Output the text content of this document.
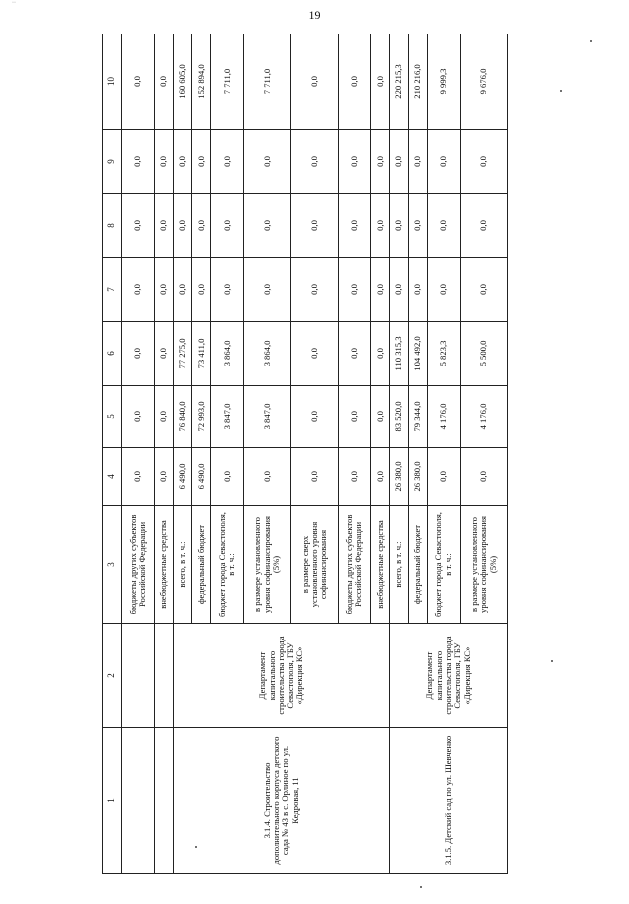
··
19
1	2	3	4	5	6	7	8	9	10
		бюджеты других субъектов Российской Федерации	0,0	0,0	0,0	0,0	0,0	0,0	0,0
		внебюджетные средства	0,0	0,0	0,0	0,0	0,0	0,0	0,0
3.1.4. Строительство дополнительного корпуса детского сада № 43 в с. Орлиное по ул. Кедровая, 11	Департамент капитального строительства города Севастополя, ГБУ «Дирекция КС»	всего, в т. ч.:	6 490,0	76 840,0	77 275,0	0,0	0,0	0,0	160 605,0
		федеральный бюджет	6 490,0	72 993,0	73 411,0	0,0	0,0	0,0	152 894,0
		бюджет города Севастополя, в т. ч.:	0,0	3 847,0	3 864,0	0,0	0,0	0,0	7 711,0
		в размере установленного уровня софинансирования (5%)	0,0	3 847,0	3 864,0	0,0	0,0	0,0	7 711,0
		в размере сверх установленного уровня софинансирования	0,0	0,0	0,0	0,0	0,0	0,0	0,0
		бюджеты других субъектов Российской Федерации	0,0	0,0	0,0	0,0	0,0	0,0	0,0
		внебюджетные средства	0,0	0,0	0,0	0,0	0,0	0,0	0,0
3.1.5. Детский сад по ул. Шевченко	Департамент капитального строительства города Севастополя, ГБУ «Дирекция КС»	всего, в т. ч.:	26 380,0	83 520,0	110 315,3	0,0	0,0	0,0	220 215,3
		федеральный бюджет	26 380,0	79 344,0	104 492,0	0,0	0,0	0,0	210 216,0
		бюджет города Севастополя, в т. ч.:	0,0	4 176,0	5 823,3	0,0	0,0	0,0	9 999,3
		в размере установленного уровня софинансирования (5%)	0,0	4 176,0	5 500,0	0,0	0,0	0,0	9 676,0
